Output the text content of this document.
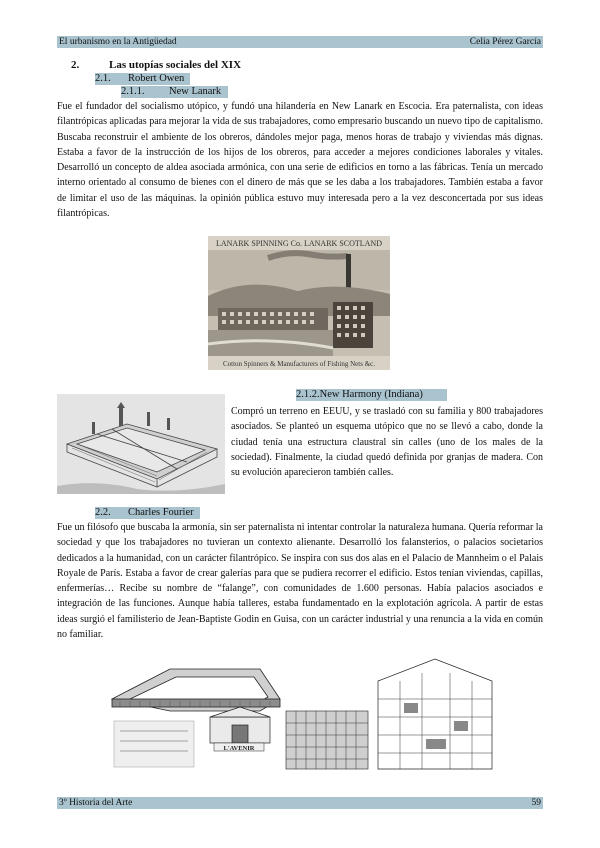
El urbanismo en la Antigüedad	Celia Pérez García
2.	Las utopías sociales del XIX
2.1. Robert Owen
2.1.1. New Lanark

Fue el fundador del socialismo utópico, y fundó una hilandería en New Lanark en Escocia. Era paternalista, con ideas filantrópicas aplicadas para mejorar la vida de sus trabajadores, como empresario buscando un nuevo tipo de capitalismo. Buscaba reconstruir el ambiente de los obreros, dándoles mejor paga, menos horas de trabajo y viviendas más dignas. Estaba a favor de la instrucción de los hijos de los obreros, para acceder a mejores condiciones laborales y vitales. Desarrolló un concepto de aldea asociada armónica, con una serie de edificios en torno a las fábricas. Tenía un mercado interno orientado al consumo de bienes con el dinero de más que se les daba a los trabajadores. También estaba a favor de limitar el uso de las máquinas. la opinión pública estuvo muy interesada pero a la vez desconcertada por sus ideas filantrópicas.

LANARK SPINNING Co. LANARK SCOTLAND
Cotton Spinners & Manufacturers of Fishing Nets &c.
2.1.2.New Harmony (Indiana)

Compró un terreno en EEUU, y se trasladó con su familia y 800 trabajadores asociados. Se planteó un esquema utópico que no se llevó a cabo, donde la ciudad tenía una estructura claustral sin calles (uno de los males de la sociedad). Finalmente, la ciudad quedó definida por granjas de madera. Con su evolución aparecieron también calles.

2.2. Charles Fourier

Fue un filósofo que buscaba la armonía, sin ser paternalista ni intentar controlar la naturaleza humana. Quería reformar la sociedad y que los trabajadores no tuvieran un contexto alienante. Desarrolló los falansterios, o palacios societarios dedicados a la humanidad, con un carácter filantrópico. Se inspira con sus dos alas en el Palacio de Mannheim o el Palais Royale de París. Estaba a favor de crear galerías para que se pudiera recorrer el edificio. Estos tenían viviendas, capillas, enfermerías… Recibe su nombre de “falange”, con comunidades de 1.600 personas. Había palacios asociados e integración de las funciones. Aunque había talleres, estaba fundamentado en la explotación agrícola. A partir de estas ideas surgió el familisterio de Jean-Baptiste Godin en Guisa, con un carácter industrial y una renuncia a la vida en común no familiar.

L'AVENIR
3º Historia del Arte	59
